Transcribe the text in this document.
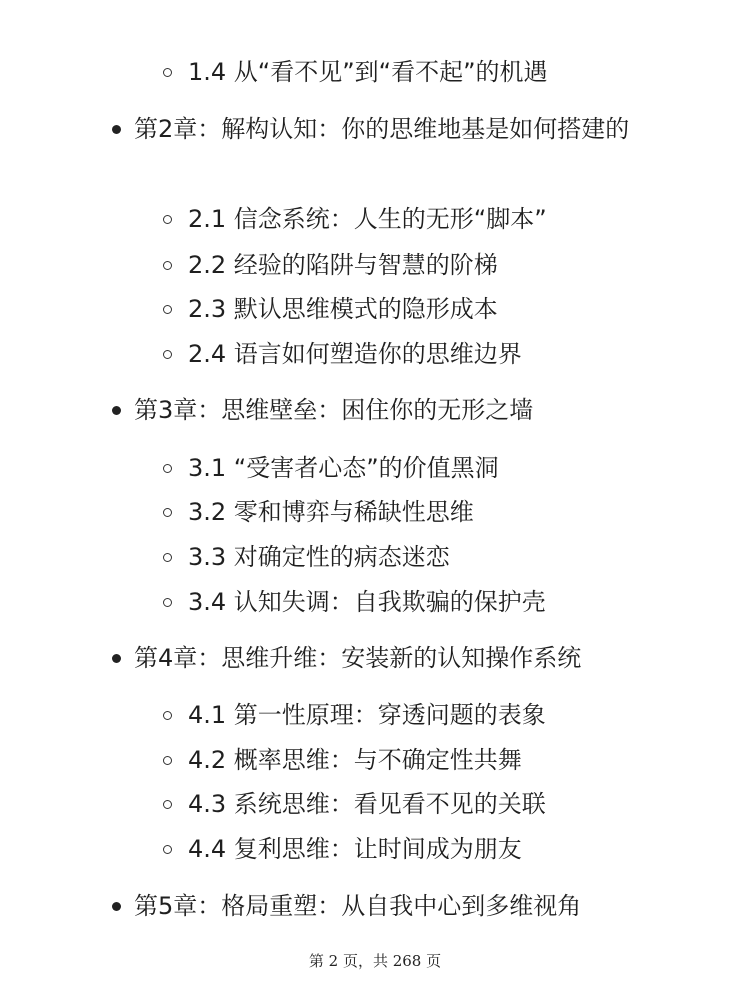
1.4 从“看不见”到“看不起”的机遇
第2章：解构认知：你的思维地基是如何搭建的
2.1 信念系统：人生的无形“脚本”
2.2 经验的陷阱与智慧的阶梯
2.3 默认思维模式的隐形成本
2.4 语言如何塑造你的思维边界
第3章：思维壁垒：困住你的无形之墙
3.1 “受害者心态”的价值黑洞
3.2 零和博弈与稀缺性思维
3.3 对确定性的病态迷恋
3.4 认知失调：自我欺骗的保护壳
第4章：思维升维：安装新的认知操作系统
4.1 第一性原理：穿透问题的表象
4.2 概率思维：与不确定性共舞
4.3 系统思维：看见看不见的关联
4.4 复利思维：让时间成为朋友
第5章：格局重塑：从自我中心到多维视角
第 2 页，共 268 页
